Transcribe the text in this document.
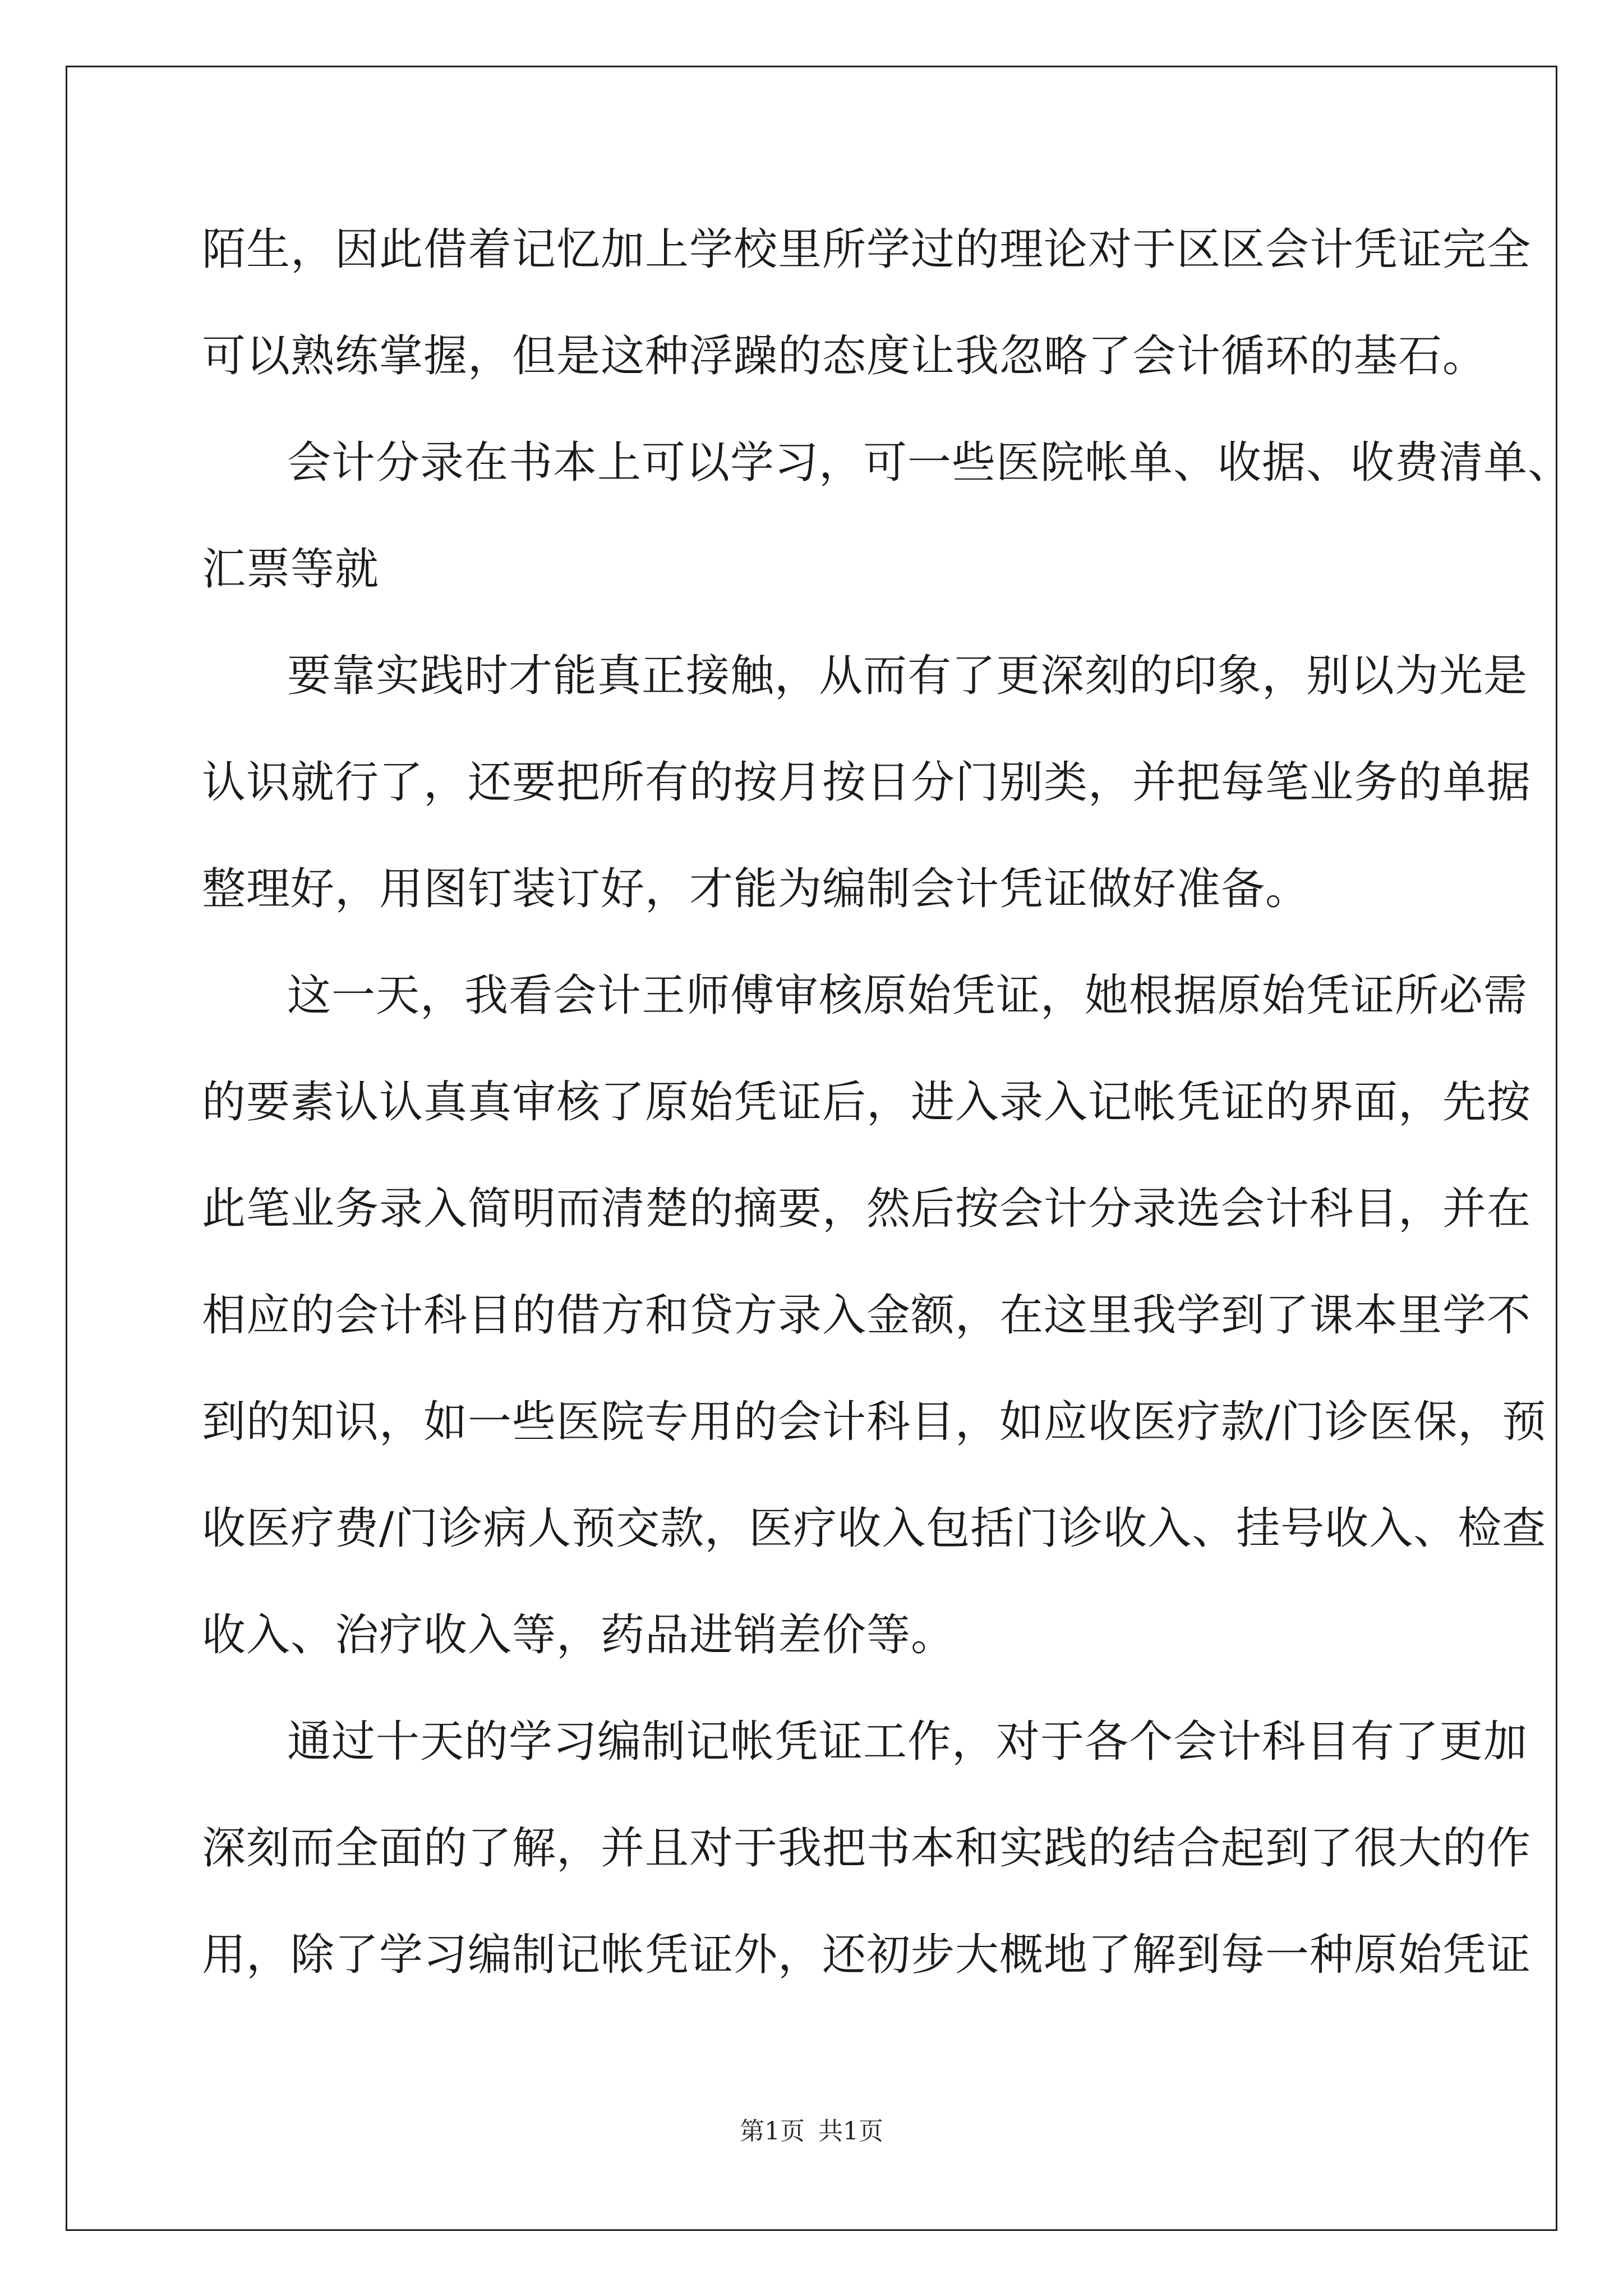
陌生，因此借着记忆加上学校里所学过的理论对于区区会计凭证完全
可以熟练掌握，但是这种浮躁的态度让我忽略了会计循环的基石。
会计分录在书本上可以学习，可一些医院帐单、收据、收费清单、
汇票等就
要靠实践时才能真正接触，从而有了更深刻的印象，别以为光是
认识就行了，还要把所有的按月按日分门别类，并把每笔业务的单据
整理好，用图钉装订好，才能为编制会计凭证做好准备。
这一天，我看会计王师傅审核原始凭证，她根据原始凭证所必需
的要素认认真真审核了原始凭证后，进入录入记帐凭证的界面，先按
此笔业务录入简明而清楚的摘要，然后按会计分录选会计科目，并在
相应的会计科目的借方和贷方录入金额，在这里我学到了课本里学不
到的知识，如一些医院专用的会计科目，如应收医疗款/门诊医保，预
收医疗费/门诊病人预交款，医疗收入包括门诊收入、挂号收入、检查
收入、治疗收入等，药品进销差价等。
通过十天的学习编制记帐凭证工作，对于各个会计科目有了更加
深刻而全面的了解，并且对于我把书本和实践的结合起到了很大的作
用，除了学习编制记帐凭证外，还初步大概地了解到每一种原始凭证
第1页 共1页
